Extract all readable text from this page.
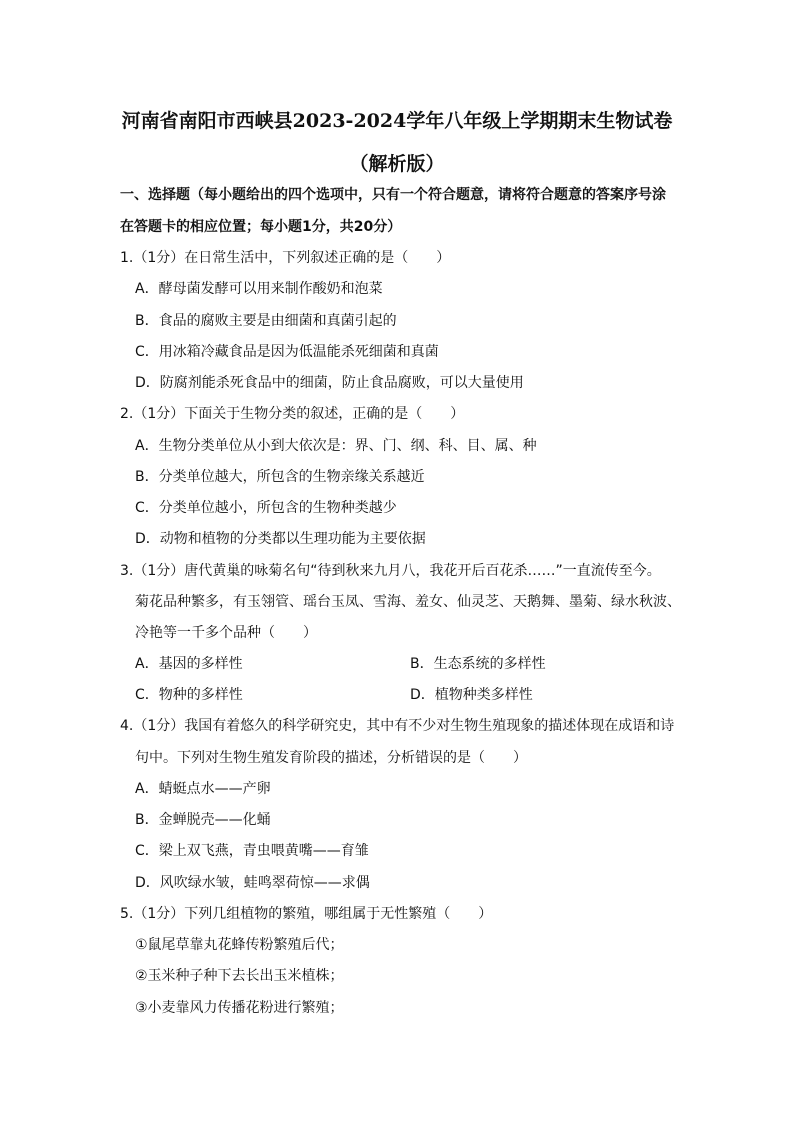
河南省南阳市西峡县2023-2024学年八年级上学期期末生物试卷
（解析版）
一、选择题（每小题给出的四个选项中，只有一个符合题意，请将符合题意的答案序号涂
在答题卡的相应位置；每小题1分，共20分）
1.（1分）在日常生活中，下列叙述正确的是（　　）
A．酵母菌发酵可以用来制作酸奶和泡菜
B．食品的腐败主要是由细菌和真菌引起的
C．用冰箱冷藏食品是因为低温能杀死细菌和真菌
D．防腐剂能杀死食品中的细菌，防止食品腐败，可以大量使用
2.（1分）下面关于生物分类的叙述，正确的是（　　）
A．生物分类单位从小到大依次是：界、门、纲、科、目、属、种
B．分类单位越大，所包含的生物亲缘关系越近
C．分类单位越小，所包含的生物种类越少
D．动物和植物的分类都以生理功能为主要依据
3.（1分）唐代黄巢的咏菊名句“待到秋来九月八，我花开后百花杀……”一直流传至今。
菊花品种繁多，有玉翎管、瑶台玉凤、雪海、羞女、仙灵芝、天鹅舞、墨菊、绿水秋波、
冷艳等一千多个品种（　　）
A．基因的多样性	B．生态系统的多样性
C．物种的多样性	D．植物种类多样性
4.（1分）我国有着悠久的科学研究史，其中有不少对生物生殖现象的描述体现在成语和诗
句中。下列对生物生殖发育阶段的描述，分析错误的是（　　）
A．蜻蜓点水——产卵
B．金蝉脱壳——化蛹
C．梁上双飞燕，青虫喂黄嘴——育雏
D．风吹绿水皱，蛙鸣翠荷惊——求偶
5.（1分）下列几组植物的繁殖，哪组属于无性繁殖（　　）
①鼠尾草靠丸花蜂传粉繁殖后代；
②玉米种子种下去长出玉米植株；
③小麦靠风力传播花粉进行繁殖；
